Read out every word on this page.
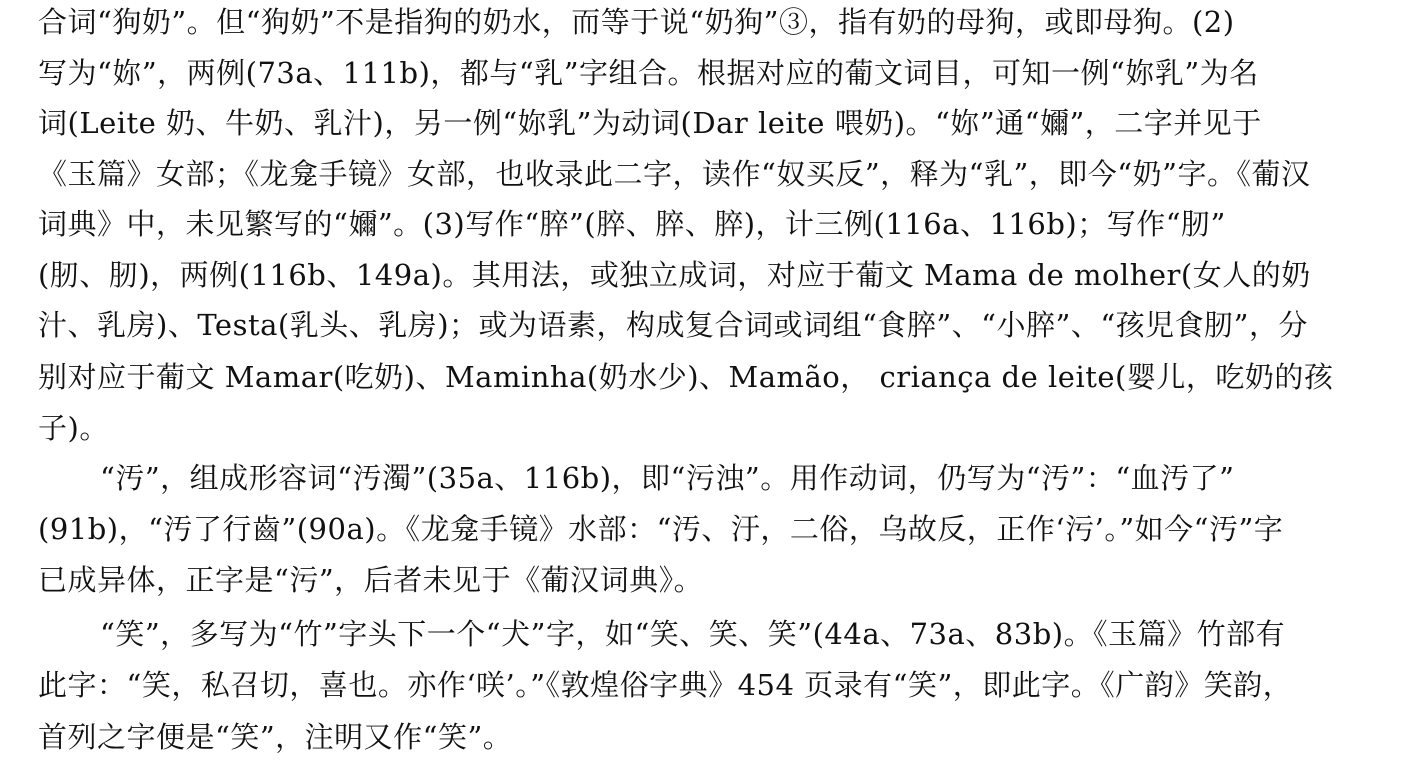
合词“狗奶”。但“狗奶”不是指狗的奶水，而等于说“奶狗”③，指有奶的母狗，或即母狗。(2)
写为“妳”，两例(73a、111b)，都与“乳”字组合。根据对应的葡文词目，可知一例“妳乳”为名
词(Leite 奶、牛奶、乳汁)，另一例“妳乳”为动词(Dar leite 喂奶)。“妳”通“嬭”，二字并见于
《玉篇》女部；《龙龛手镜》女部，也收录此二字，读作“奴买反”，释为“乳”，即今“奶”字。《葡汉
词典》中，未见繁写的“嬭”。(3)写作“脺”(脺、脺、脺)，计三例(116a、116b)；写作“肕”
(肕、肕)，两例(116b、149a)。其用法，或独立成词，对应于葡文 Mama de molher(女人的奶
汁、乳房)、Testa(乳头、乳房)；或为语素，构成复合词或词组“食脺”、“小脺”、“孩児食肕”，分
别对应于葡文 Mamar(吃奶)、Maminha(奶水少)、Mamão， criança de leite(婴儿，吃奶的孩
子)。
“汚”，组成形容词“汚濁”(35a、116b)，即“污浊”。用作动词，仍写为“汚”：“血汚了”
(91b)，“汚了行齒”(90a)。《龙龛手镜》水部：“汚、汙，二俗，乌故反，正作‘污’。”如今“汚”字
已成异体，正字是“污”，后者未见于《葡汉词典》。
“笑”，多写为“竹”字头下一个“犬”字，如“笑、笑、笑”(44a、73a、83b)。《玉篇》竹部有
此字：“笑，私召切，喜也。亦作‘咲’。”《敦煌俗字典》454 页录有“笑”，即此字。《广韵》笑韵，
首列之字便是“笑”，注明又作“笑”。
